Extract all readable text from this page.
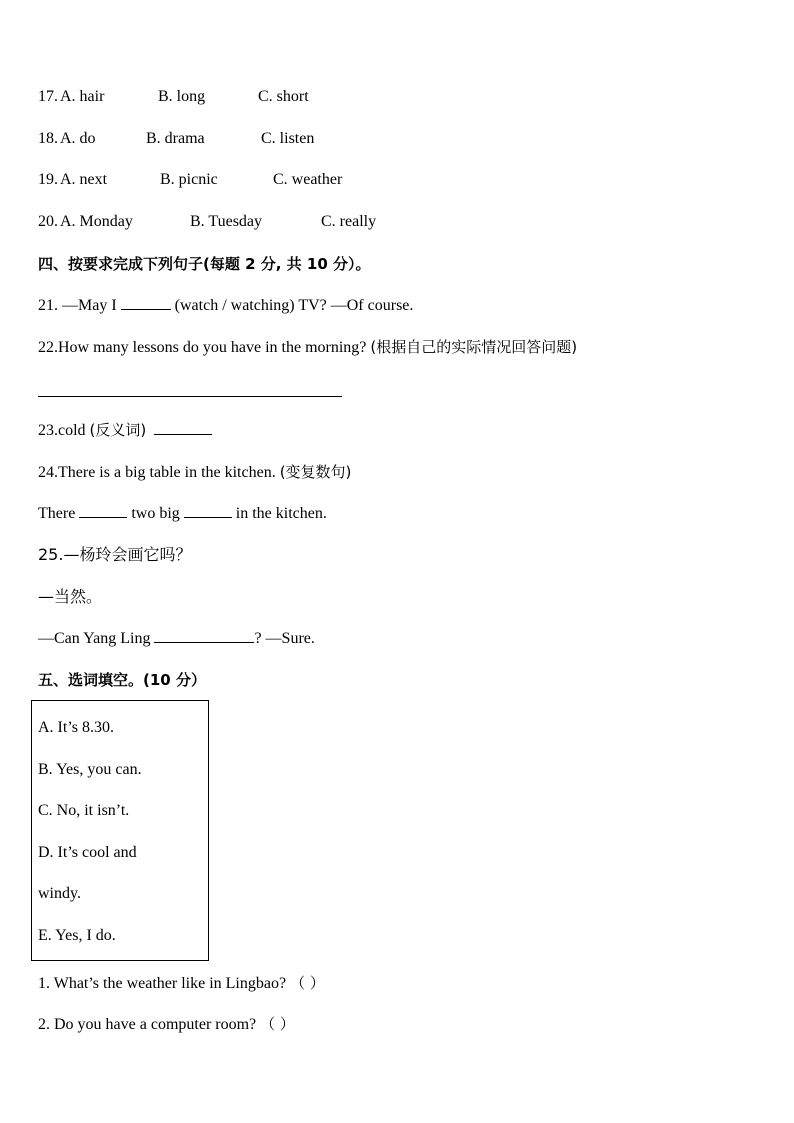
17. A. hair	B. long	C. short
18. A. do	B. drama	C. listen
19. A. next	B. picnic	C. weather
20. A. Monday	B. Tuesday	C. really
四、按要求完成下列句子(每题 2 分, 共 10 分）。
21. —May I	(watch / watching) TV? —Of course.
22.How many lessons do you have in the morning? (根据自己的实际情况回答问题)
23.cold (反义词)
24.There is a big table in the kitchen. (变复数句)
There	two big	in the kitchen.
25.—杨玲会画它吗？
—当然。
—Can Yang Ling	? —Sure.
五、选词填空。(10 分）
A. It’s 8.30.
B. Yes, you can.
C. No, it isn’t.
D. It’s cool and
windy.
E. Yes, I do.
1. What’s the weather like in Lingbao? （ ）
2. Do you have a computer room? （ ）
